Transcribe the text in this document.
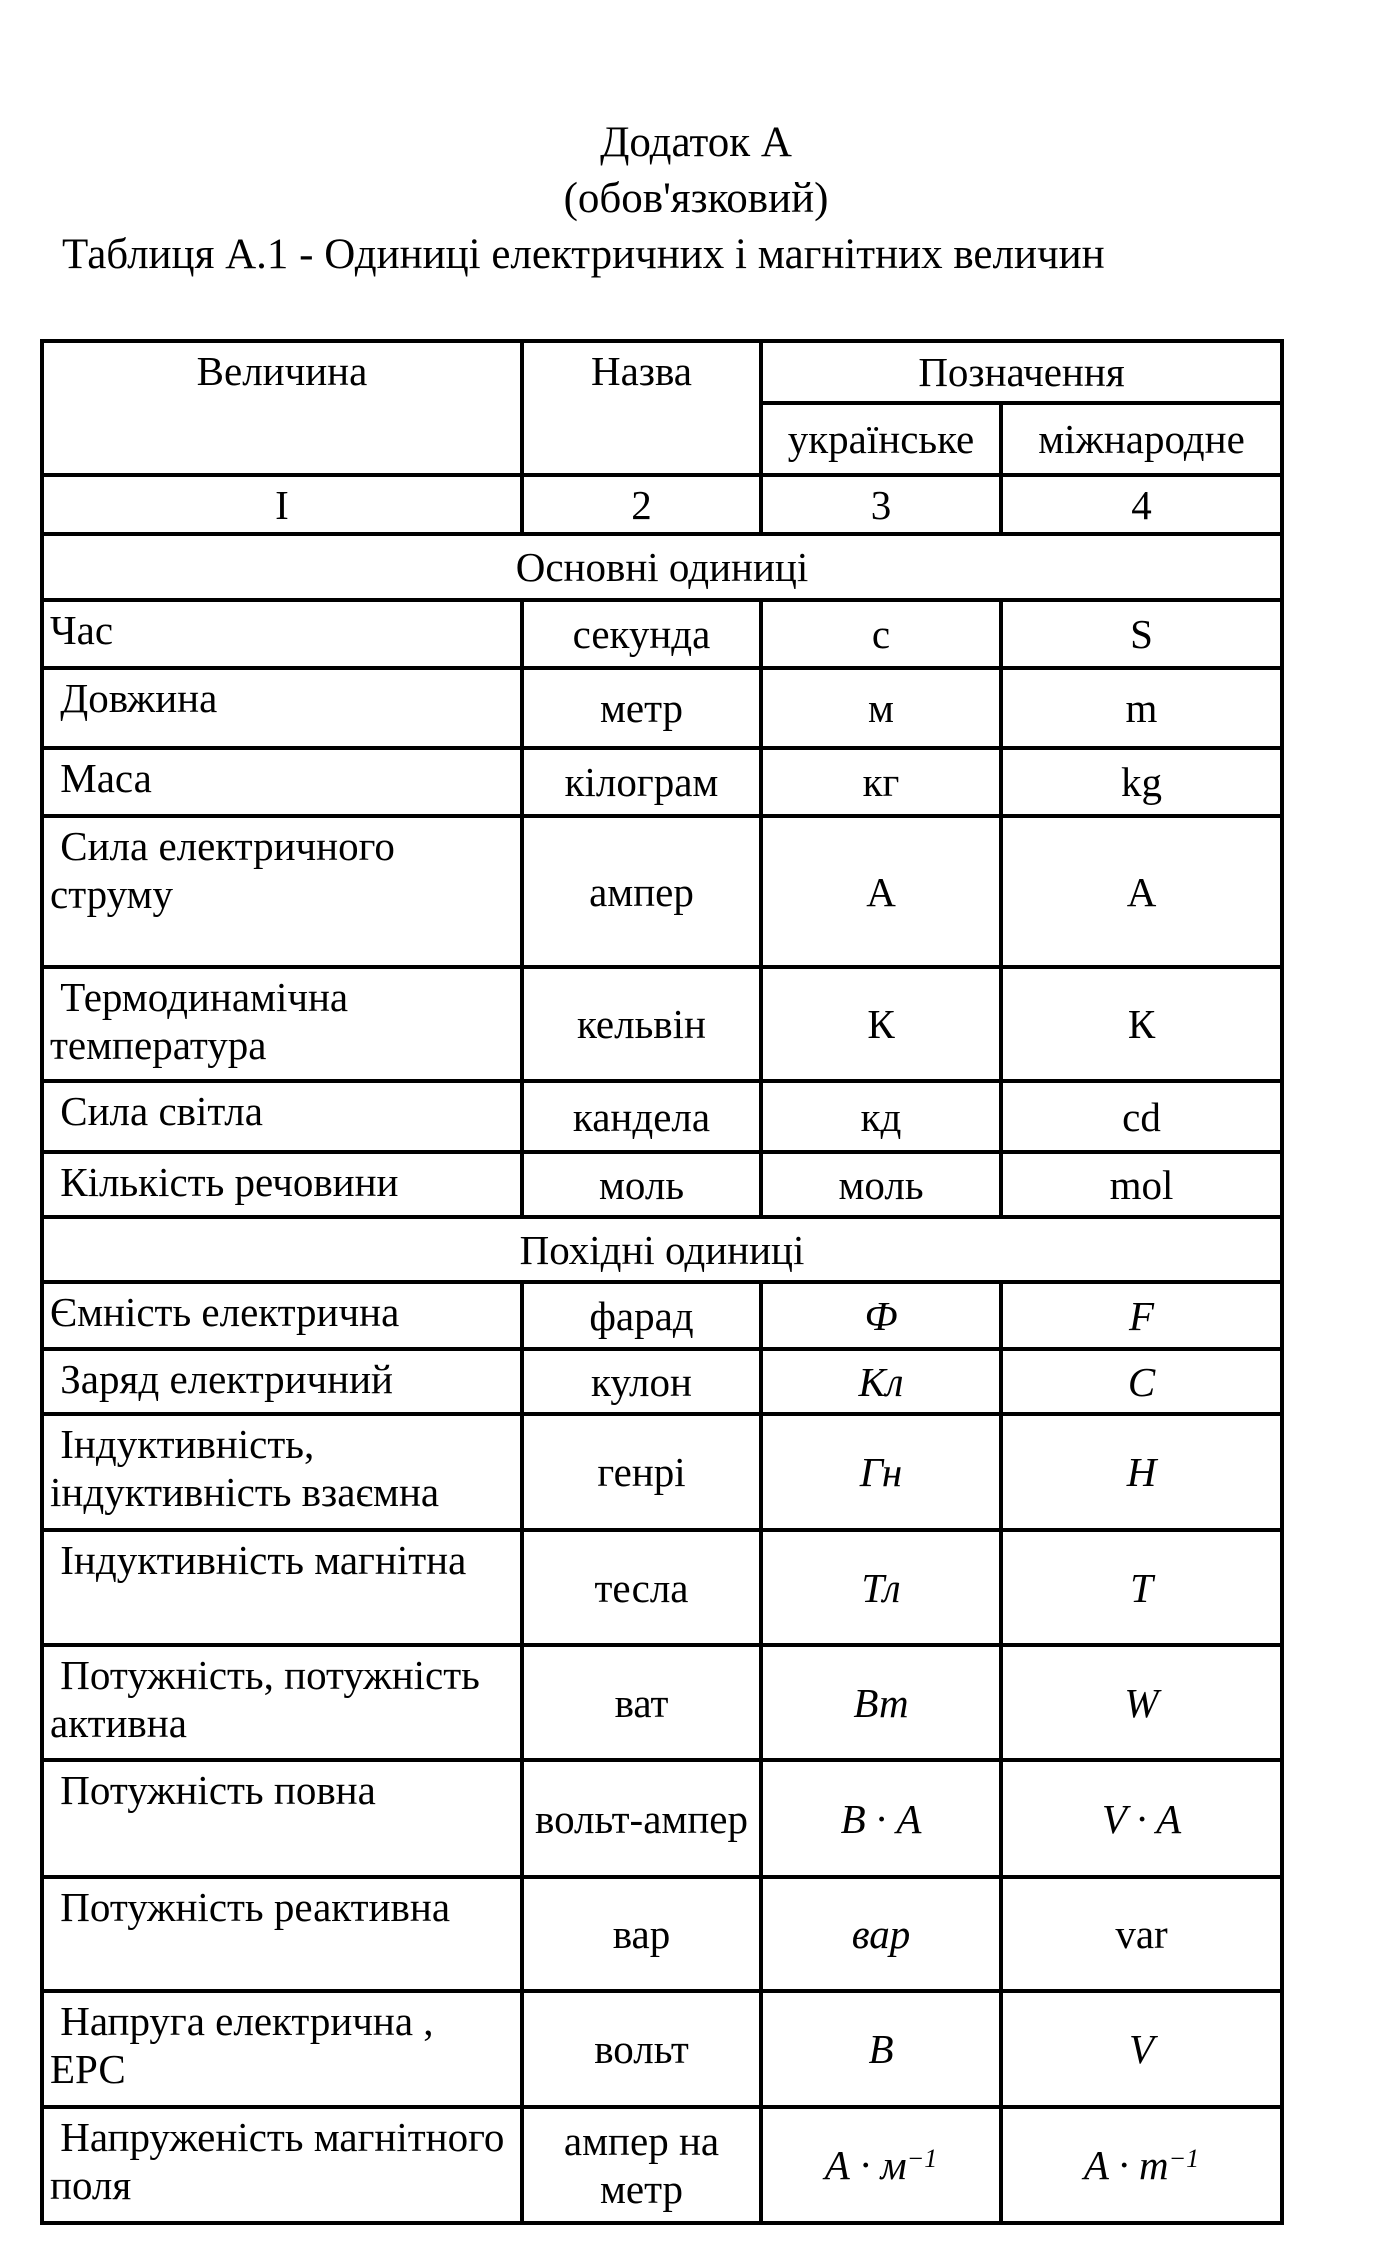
Додаток А
(обов'язковий)
Таблиця А.1 - Одиниці електричних і магнітних величин
Величина	Назва	Позначення	
		українське	міжнародне
I	2	3	4
Основні одиниці			
Час	секунда	с	S
Довжина	метр	м	m
Маса	кілограм	кг	kg
Сила електричного струму	ампер	А	A
Термодинамічна температура	кельвін	К	К
Сила світла	кандела	кд	cd
Кількість речовини	моль	моль	mol
Похідні одиниці			
Ємність електрична	фарад	Ф	F
Заряд електричний	кулон	Кл	C
Індуктивність, індуктивність взаємна	генрі	Гн	H
Індуктивність магнітна	тесла	Тл	T
Потужність, потужність активна	ват	Вт	W
Потужність повна	вольт-ампер	В · А	V · A
Потужність реактивна	вар	вар	var
Напруга електрична , ЕРС	вольт	В	V
Напруженість магнітного поля	ампер на метр	$А \cdot м^{-1}$	$A \cdot m^{-1}$
